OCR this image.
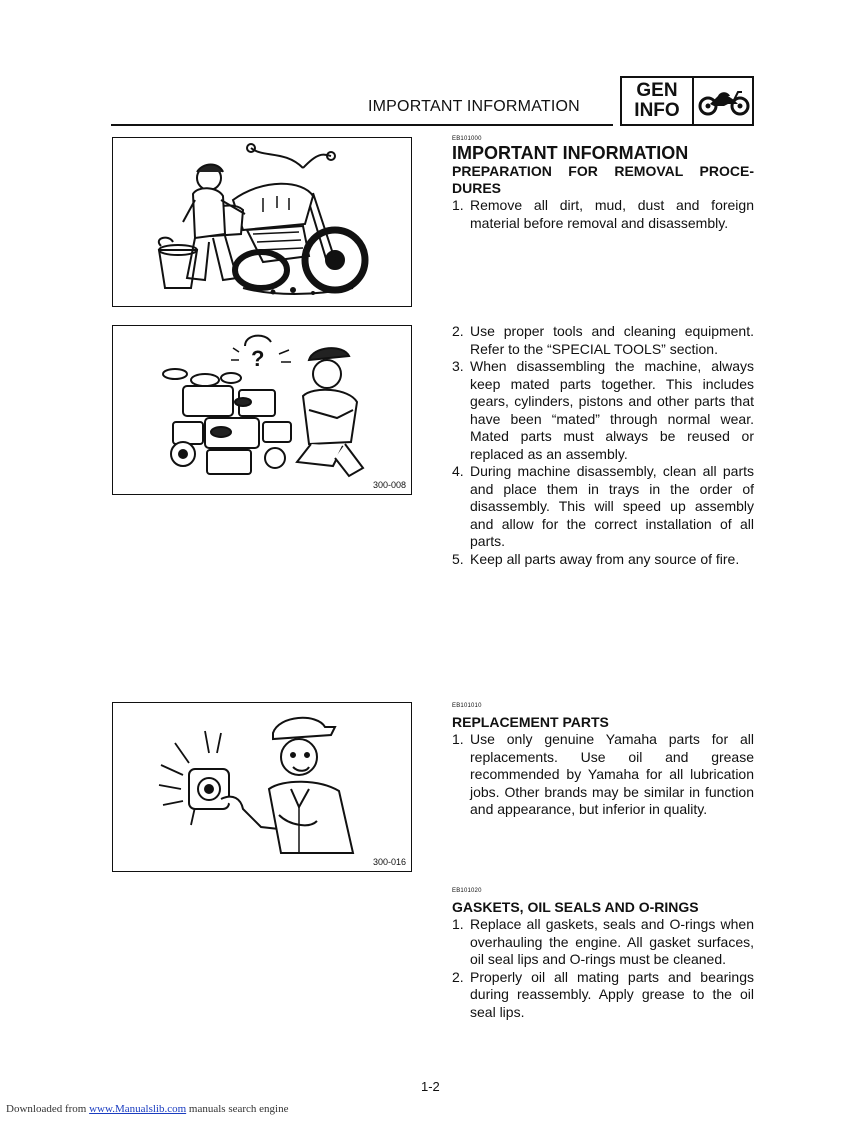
IMPORTANT INFORMATION
GEN
INFO
?
300-008
300-016
EB101000
IMPORTANT INFORMATION
PREPARATION FOR REMOVAL PROCE-
DURES
1. Remove all dirt, mud, dust and foreign material before removal and disassembly.
2. Use proper tools and cleaning equipment. Refer to the “SPECIAL TOOLS” section.
3. When disassembling the machine, always keep mated parts together. This includes gears, cylinders, pistons and other parts that have been “mated” through normal wear. Mated parts must always be reused or replaced as an assembly.
4. During machine disassembly, clean all parts and place them in trays in the order of disassembly. This will speed up assembly and allow for the correct installation of all parts.
5. Keep all parts away from any source of fire.
EB101010
REPLACEMENT PARTS
1. Use only genuine Yamaha parts for all replacements. Use oil and grease recommended by Yamaha for all lubrication jobs. Other brands may be similar in function and appearance, but inferior in quality.
EB101020
GASKETS, OIL SEALS AND O-RINGS
1. Replace all gaskets, seals and O-rings when overhauling the engine. All gasket surfaces, oil seal lips and O-rings must be cleaned.
2. Properly oil all mating parts and bearings during reassembly. Apply grease to the oil seal lips.
1-2
Downloaded from www.Manualslib.com manuals search engine
